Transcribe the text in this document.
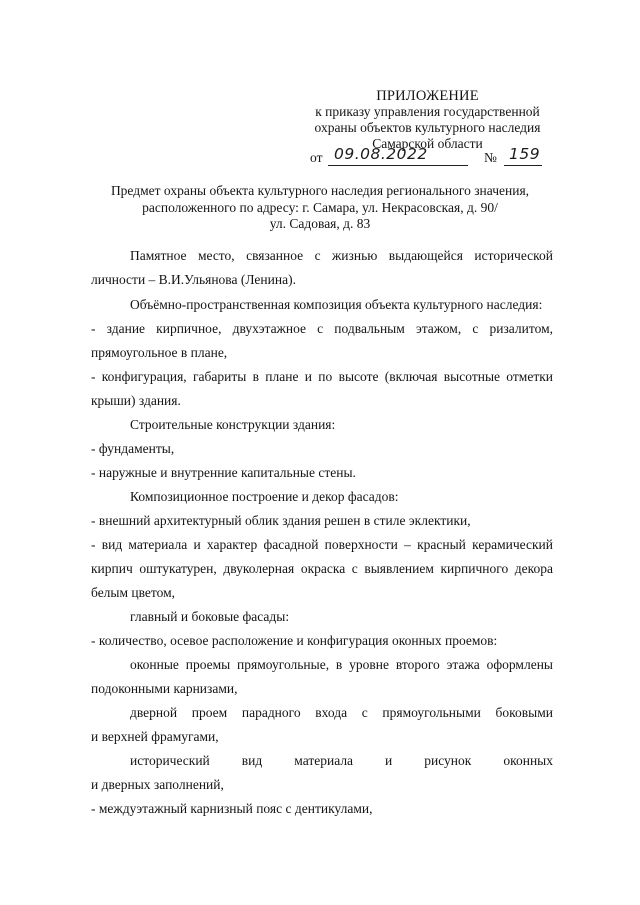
ПРИЛОЖЕНИЕ
к приказу управления государственной
охраны объектов культурного наследия
Самарской области
от 09.08.2022	№ 159
Предмет охраны объекта культурного наследия регионального значения,
расположенного по адресу: г. Самара, ул. Некрасовская, д. 90/
ул. Садовая, д. 83
Памятное место, связанное с жизнью выдающейся исторической
личности – В.И.Ульянова (Ленина).
Объёмно-пространственная композиция объекта культурного наследия:
- здание кирпичное, двухэтажное с подвальным этажом, с ризалитом,
прямоугольное в плане,
- конфигурация, габариты в плане и по высоте (включая высотные отметки
крыши) здания.
Строительные конструкции здания:
- фундаменты,
- наружные и внутренние капитальные стены.
Композиционное построение и декор фасадов:
- внешний архитектурный облик здания решен в стиле эклектики,
- вид материала и характер фасадной поверхности – красный керамический
кирпич оштукатурен, двуколерная окраска с выявлением кирпичного декора
белым цветом,
главный и боковые фасады:
- количество, осевое расположение и конфигурация оконных проемов:
оконные проемы прямоугольные, в уровне второго этажа оформлены
подоконными карнизами,
дверной проем парадного входа с прямоугольными боковыми
и верхней фрамугами,
исторический вид материала и рисунок оконных
и дверных заполнений,
- междуэтажный карнизный пояс с дентикулами,
